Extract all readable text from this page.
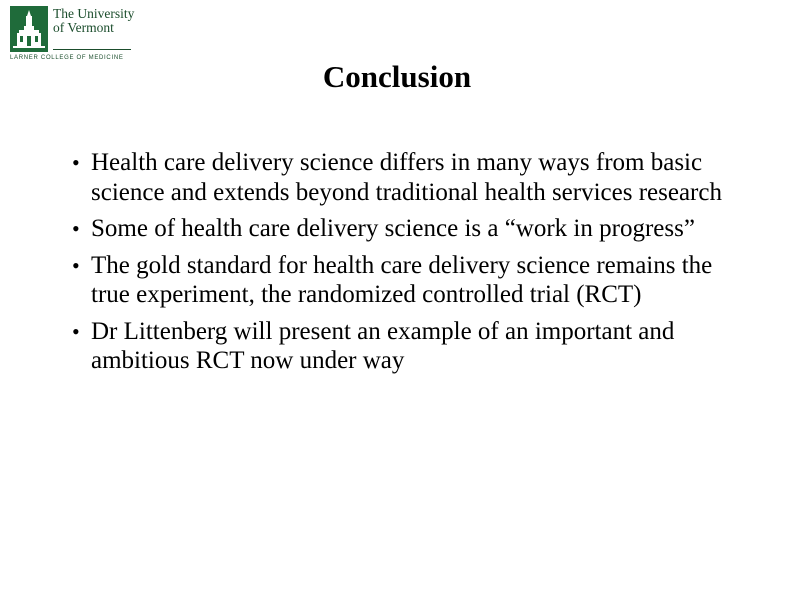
The University
of Vermont
LARNER COLLEGE OF MEDICINE
Conclusion
• Health care delivery science differs in many ways from basic science and extends beyond traditional health services research
• Some of health care delivery science is a “work in progress”
• The gold standard for health care delivery science remains the true experiment, the randomized controlled trial (RCT)
• Dr Littenberg will present an example of an important and ambitious RCT now under way
